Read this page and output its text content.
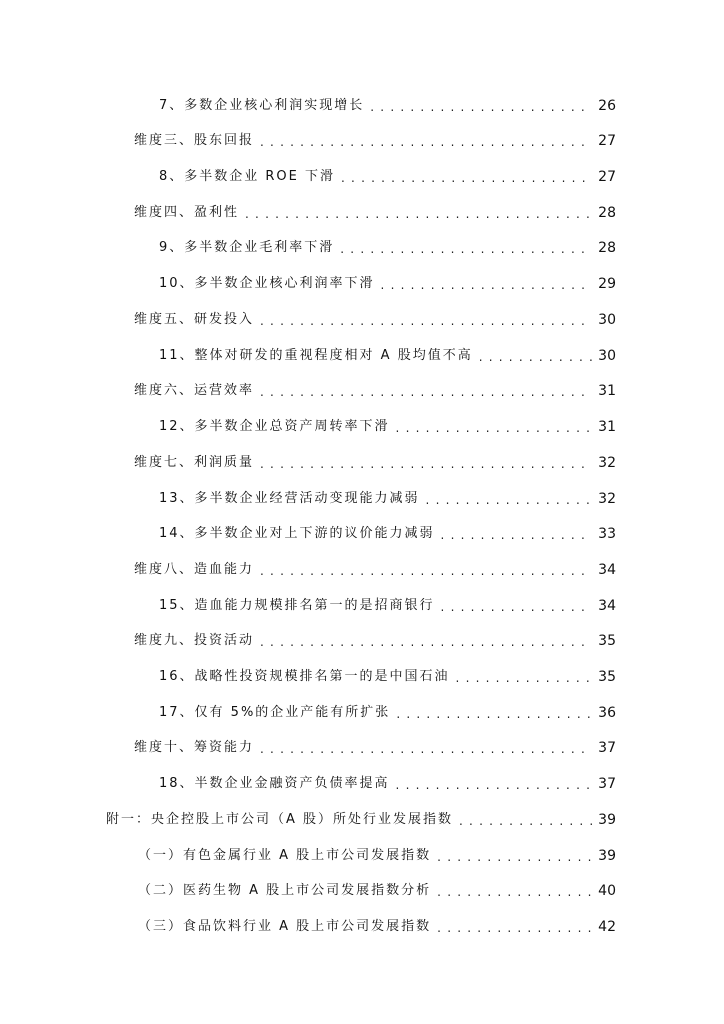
7、多数企业核心利润实现增长 . . .	26
维度三、股东回报 . . .	27
8、多半数企业 ROE 下滑 . . .	27
维度四、盈利性 . . .	28
9、多半数企业毛利率下滑 . . .	28
10、多半数企业核心利润率下滑 . . .	29
维度五、研发投入 . . .	30
11、整体对研发的重视程度相对 A 股均值不高 . . .	30
维度六、运营效率 . . .	31
12、多半数企业总资产周转率下滑 . . .	31
维度七、利润质量 . . .	32
13、多半数企业经营活动变现能力减弱 . . .	32
14、多半数企业对上下游的议价能力减弱 . . .	33
维度八、造血能力 . . .	34
15、造血能力规模排名第一的是招商银行 . . .	34
维度九、投资活动 . . .	35
16、战略性投资规模排名第一的是中国石油 . . .	35
17、仅有 5%的企业产能有所扩张 . . .	36
维度十、筹资能力 . . .	37
18、半数企业金融资产负债率提高 . . .	37
附一：央企控股上市公司（A 股）所处行业发展指数 . . .	39
（一）有色金属行业 A 股上市公司发展指数 . . .	39
（二）医药生物 A 股上市公司发展指数分析 . . .	40
（三）食品饮料行业 A 股上市公司发展指数 . . .	42
